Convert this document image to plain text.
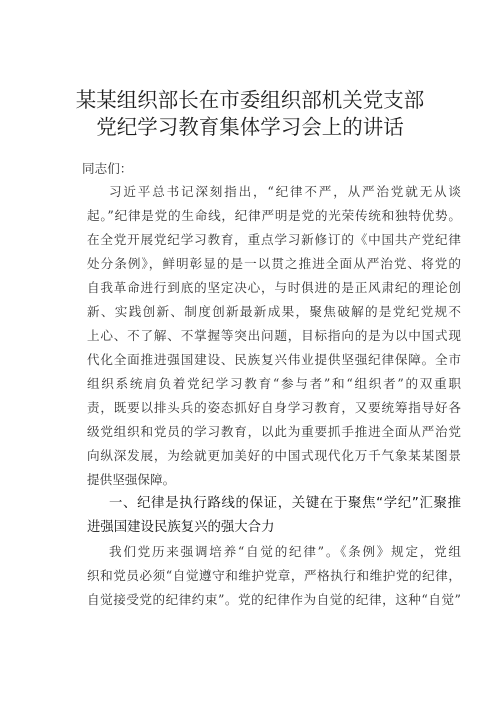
某某组织部长在市委组织部机关党支部
党纪学习教育集体学习会上的讲话
同志们：
习近平总书记深刻指出，“纪律不严，从严治党就无从谈
起。”纪律是党的生命线，纪律严明是党的光荣传统和独特优势。
在全党开展党纪学习教育，重点学习新修订的《中国共产党纪律
处分条例》，鲜明彰显的是一以贯之推进全面从严治党、将党的
自我革命进行到底的坚定决心，与时俱进的是正风肃纪的理论创
新、实践创新、制度创新最新成果，聚焦破解的是党纪党规不
上心、不了解、不掌握等突出问题，目标指向的是为以中国式现
代化全面推进强国建设、民族复兴伟业提供坚强纪律保障。全市
组织系统肩负着党纪学习教育“参与者”和“组织者”的双重职
责，既要以排头兵的姿态抓好自身学习教育，又要统筹指导好各
级党组织和党员的学习教育，以此为重要抓手推进全面从严治党
向纵深发展，为绘就更加美好的中国式现代化万千气象某某图景
提供坚强保障。
一、纪律是执行路线的保证，关键在于聚焦“学纪”汇聚推
进强国建设民族复兴的强大合力
我们党历来强调培养“自觉的纪律”。《条例》规定，党组
织和党员必须“自觉遵守和维护党章，严格执行和维护党的纪律，
自觉接受党的纪律约束”。党的纪律作为自觉的纪律，这种“自觉”
